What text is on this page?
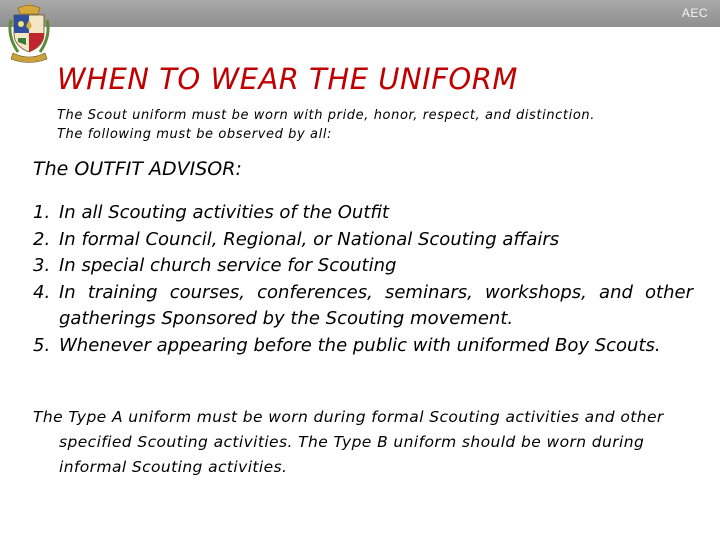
AEC
WHEN TO WEAR THE UNIFORM
The Scout uniform must be worn with pride, honor, respect, and distinction.
The following must be observed by all:
The OUTFIT ADVISOR:
1. In all Scouting activities of the Outfit
2. In formal Council, Regional, or National Scouting affairs
3. In special church service for Scouting
4. In training courses, conferences, seminars, workshops, and other gatherings Sponsored by the Scouting movement.
5. Whenever appearing before the public with uniformed Boy Scouts.
The Type A uniform must be worn during formal Scouting activities and other specified Scouting activities. The Type B uniform should be worn during informal Scouting activities.
